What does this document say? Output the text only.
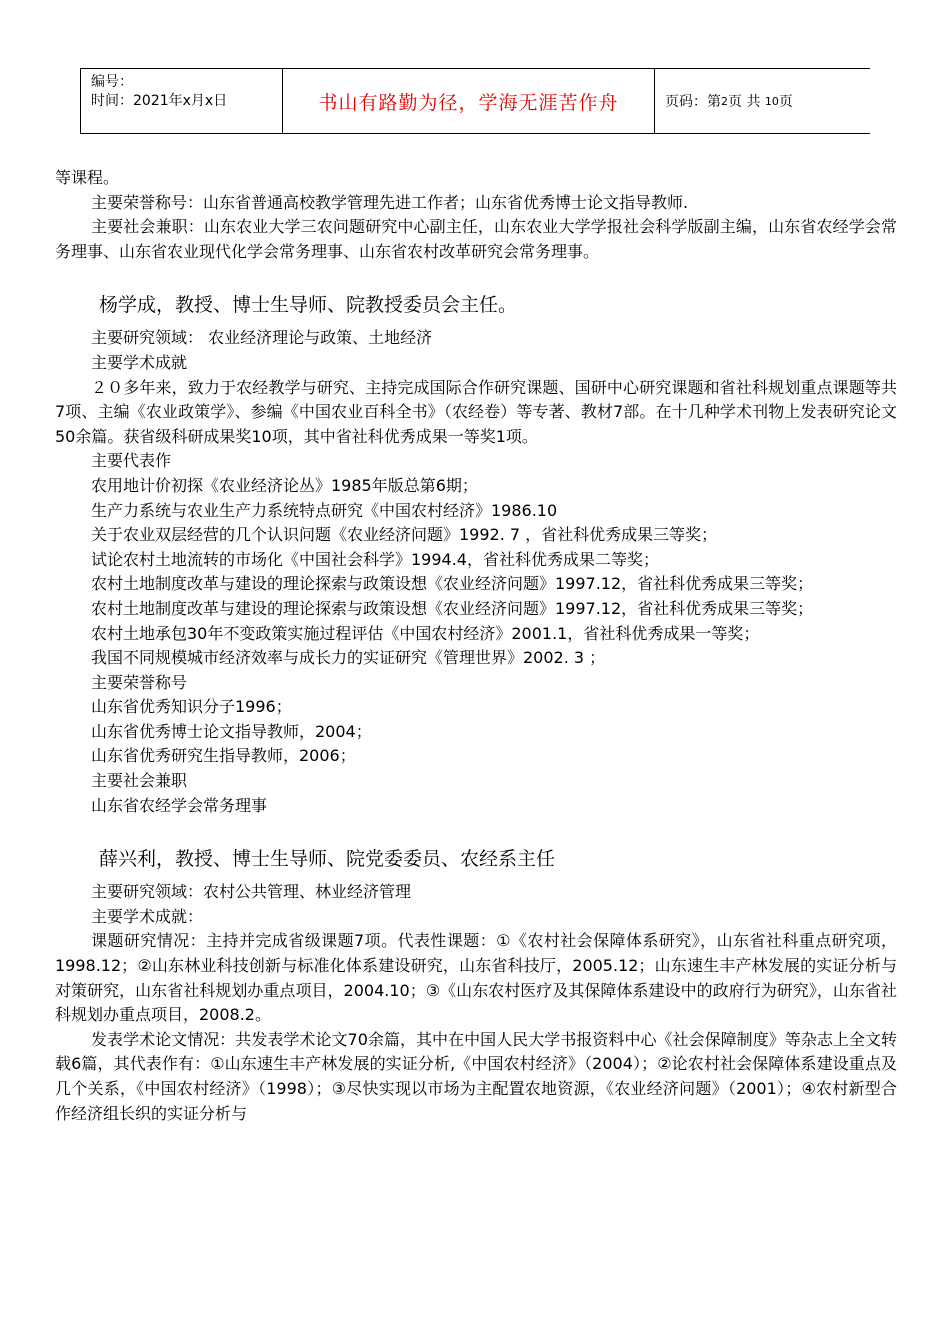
编号：
时间：2021年x月x日	书山有路勤为径，学海无涯苦作舟	页码：第 2 页 共
10 页

等课程。

主要荣誉称号：山东省普通高校教学管理先进工作者；山东省优秀博士论文指导教师.

主要社会兼职：山东农业大学三农问题研究中心副主任，山东农业大学学报社会科学版副主编，山东省农经学会常务理事、山东省农业现代化学会常务理事、山东省农村改革研究会常务理事。

杨学成，教授、博士生导师、院教授委员会主任。

主要研究领域： 农业经济理论与政策、土地经济

主要学术成就

２０多年来，致力于农经教学与研究、主持完成国际合作研究课题、国研中心研究课题和省社科规划重点课题等共7项、主编《农业政策学》、参编《中国农业百科全书》（农经卷）等专著、教材7部。在十几种学术刊物上发表研究论文50余篇。获省级科研成果奖10项，其中省社科优秀成果一等奖1项。

主要代表作

农用地计价初探《农业经济论丛》1985年版总第6期；

生产力系统与农业生产力系统特点研究《中国农村经济》1986.10

关于农业双层经营的几个认识问题《农业经济问题》1992. 7 ，省社科优秀成果三等奖；

试论农村土地流转的市场化《中国社会科学》1994.4，省社科优秀成果二等奖；

农村土地制度改革与建设的理论探索与政策设想《农业经济问题》1997.12，省社科优秀成果三等奖；

农村土地制度改革与建设的理论探索与政策设想《农业经济问题》1997.12，省社科优秀成果三等奖；

农村土地承包30年不变政策实施过程评估《中国农村经济》2001.1，省社科优秀成果一等奖；

我国不同规模城市经济效率与成长力的实证研究《管理世界》2002. 3 ；

主要荣誉称号

山东省优秀知识分子1996；

山东省优秀博士论文指导教师，2004；

山东省优秀研究生指导教师，2006；

主要社会兼职

山东省农经学会常务理事

薛兴利，教授、博士生导师、院党委委员、农经系主任

主要研究领域：农村公共管理、林业经济管理

主要学术成就：

课题研究情况：主持并完成省级课题7项。代表性课题：①《农村社会保障体系研究》，山东省社科重点研究项，1998.12；②山东林业科技创新与标准化体系建设研究，山东省科技厅，2005.12；山东速生丰产林发展的实证分析与对策研究，山东省社科规划办重点项目，2004.10；③《山东农村医疗及其保障体系建设中的政府行为研究》，山东省社科规划办重点项目，2008.2。

发表学术论文情况：共发表学术论文70余篇，其中在中国人民大学书报资料中心《社会保障制度》等杂志上全文转载6篇，其代表作有：①山东速生丰产林发展的实证分析,《中国农村经济》（2004）；②论农村社会保障体系建设重点及几个关系，《中国农村经济》（1998）；③尽快实现以市场为主配置农地资源，《农业经济问题》（2001）；④农村新型合作经济组长织的实证分析与
